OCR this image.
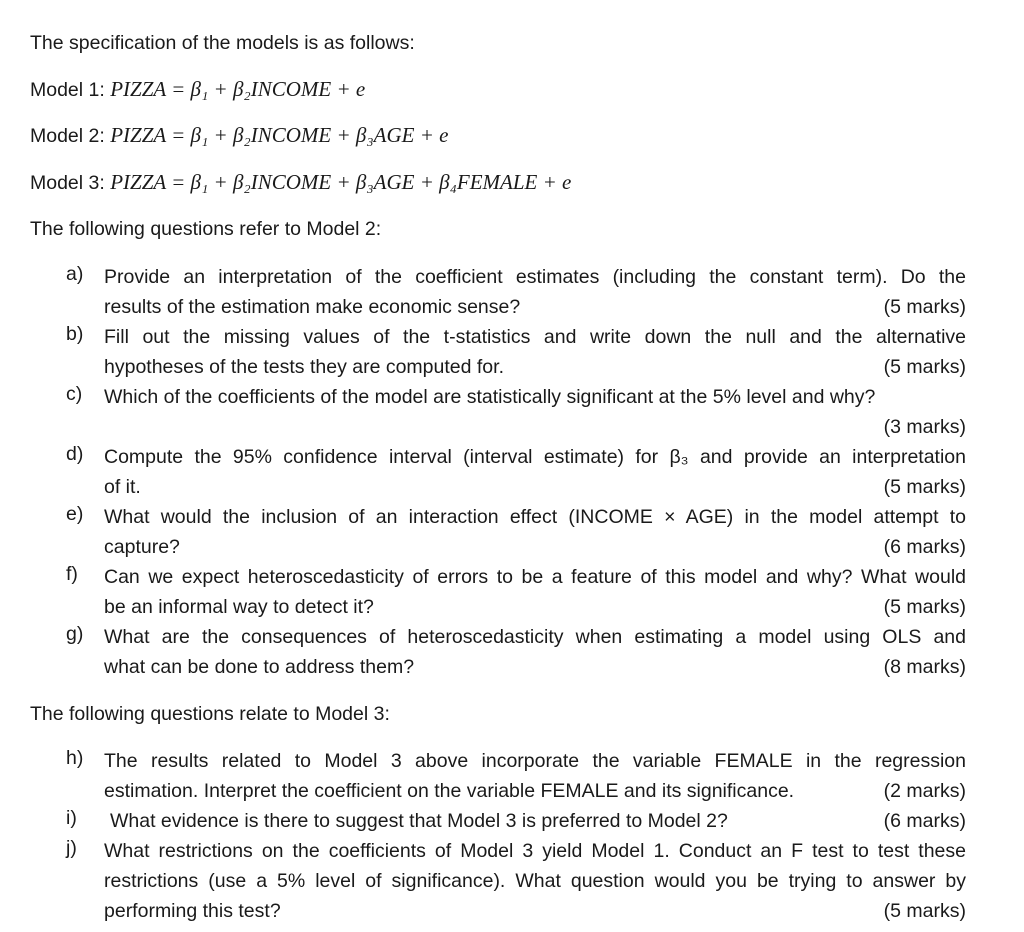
The specification of the models is as follows:
Model 1: PIZZA = β₁ + β₂INCOME + e
Model 2: PIZZA = β₁ + β₂INCOME + β₃AGE + e
Model 3: PIZZA = β₁ + β₂INCOME + β₃AGE + β₄FEMALE + e
The following questions refer to Model 2:
a) Provide an interpretation of the coefficient estimates (including the constant term). Do the
results of the estimation make economic sense?	(5 marks)
b) Fill out the missing values of the t-statistics and write down the null and the alternative
hypotheses of the tests they are computed for.	(5 marks)
c) Which of the coefficients of the model are statistically significant at the 5% level and why?
(3 marks)
d) Compute the 95% confidence interval (interval estimate) for β₃ and provide an interpretation
of it.	(5 marks)
e) What would the inclusion of an interaction effect (INCOME × AGE) in the model attempt to
capture?	(6 marks)
f) Can we expect heteroscedasticity of errors to be a feature of this model and why? What would
be an informal way to detect it?	(5 marks)
g) What are the consequences of heteroscedasticity when estimating a model using OLS and
what can be done to address them?	(8 marks)
The following questions relate to Model 3:
h) The results related to Model 3 above incorporate the variable FEMALE in the regression
estimation. Interpret the coefficient on the variable FEMALE and its significance.	(2 marks)
i) What evidence is there to suggest that Model 3 is preferred to Model 2?	(6 marks)
j) What restrictions on the coefficients of Model 3 yield Model 1. Conduct an F test to test these
restrictions (use a 5% level of significance). What question would you be trying to answer by
performing this test?	(5 marks)
